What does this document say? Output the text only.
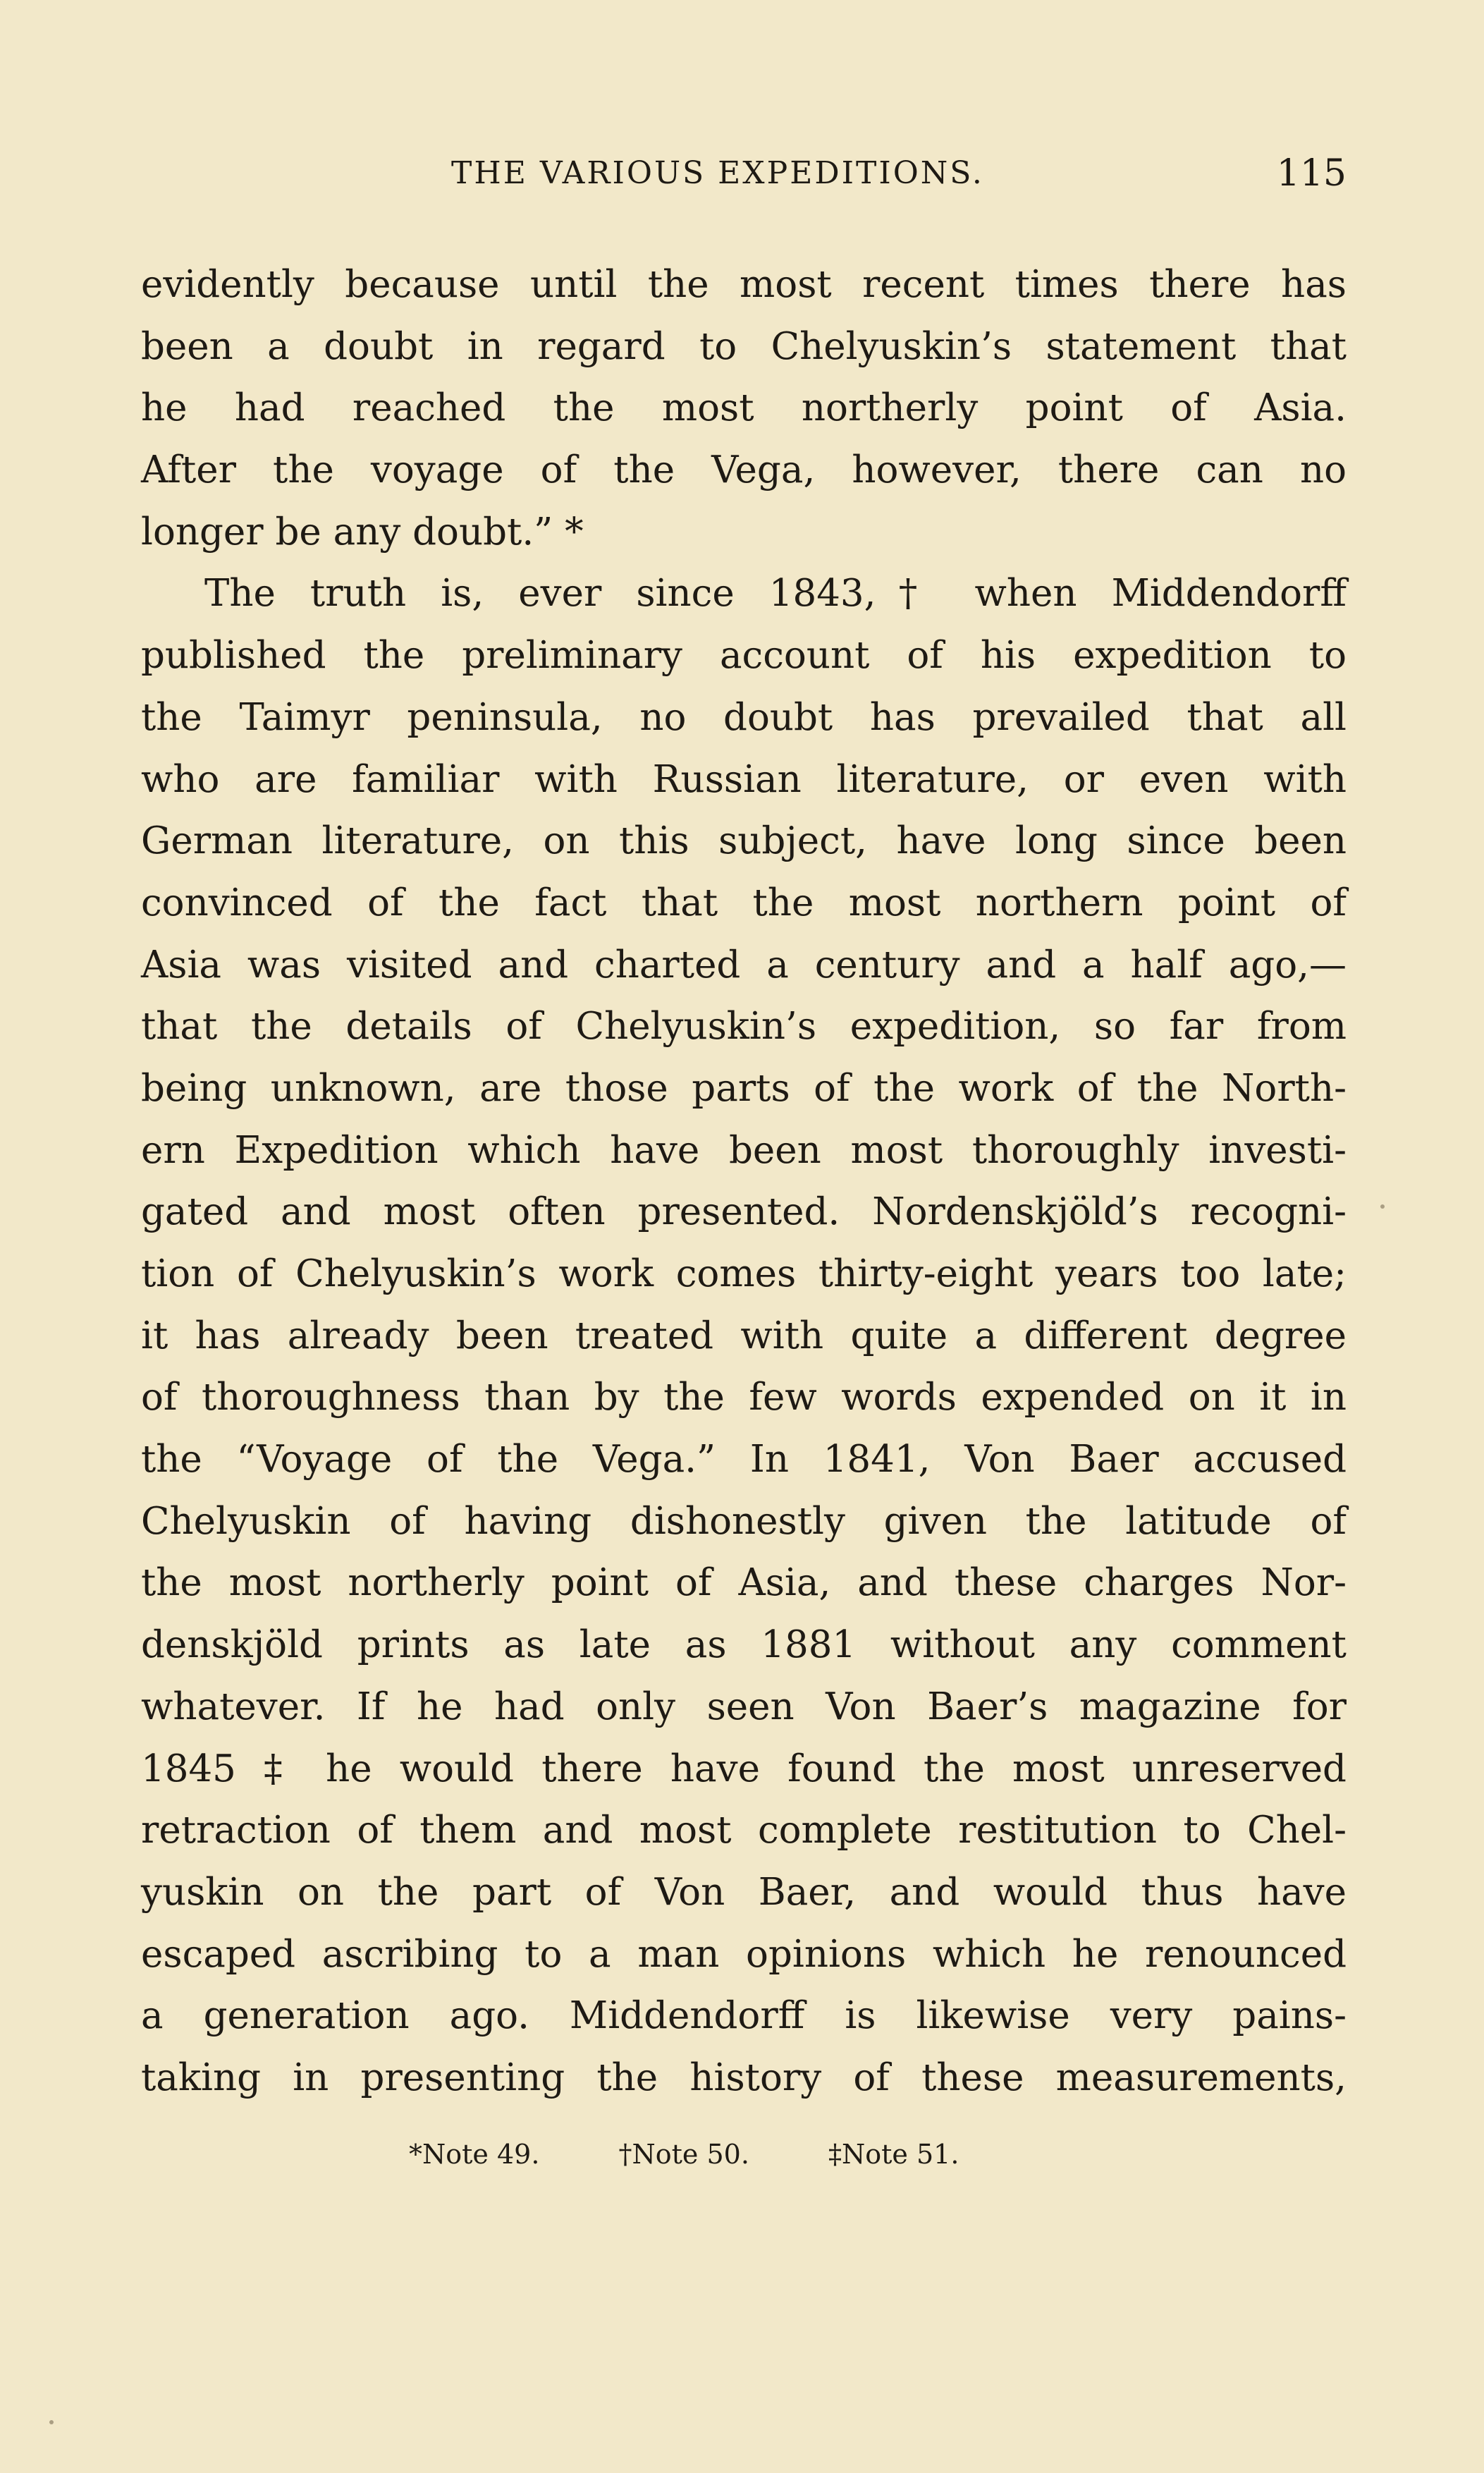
THE VARIOUS EXPEDITIONS.	115
evidently because until the most recent times there has
been a doubt in regard to Chelyuskin’s statement that
he had reached the most northerly point of Asia.
After the voyage of the Vega, however, there can no
longer be any doubt.” *
The truth is, ever since 1843,† when Middendorff
published the preliminary account of his expedition to
the Taimyr peninsula, no doubt has prevailed that all
who are familiar with Russian literature, or even with
German literature, on this subject, have long since been
convinced of the fact that the most northern point of
Asia was visited and charted a century and a half ago,—
that the details of Chelyuskin’s expedition, so far from
being unknown, are those parts of the work of the North-
ern Expedition which have been most thoroughly investi-
gated and most often presented. Nordenskjöld’s recogni-
tion of Chelyuskin’s work comes thirty-eight years too late;
it has already been treated with quite a different degree
of thoroughness than by the few words expended on it in
the “Voyage of the Vega.” In 1841, Von Baer accused
Chelyuskin of having dishonestly given the latitude of
the most northerly point of Asia, and these charges Nor-
denskjöld prints as late as 1881 without any comment
whatever. If he had only seen Von Baer’s magazine for
1845 ‡ he would there have found the most unreserved
retraction of them and most complete restitution to Chel-
yuskin on the part of Von Baer, and would thus have
escaped ascribing to a man opinions which he renounced
a generation ago. Middendorff is likewise very pains-
taking in presenting the history of these measurements,
*Note 49.	†Note 50.	‡Note 51.
